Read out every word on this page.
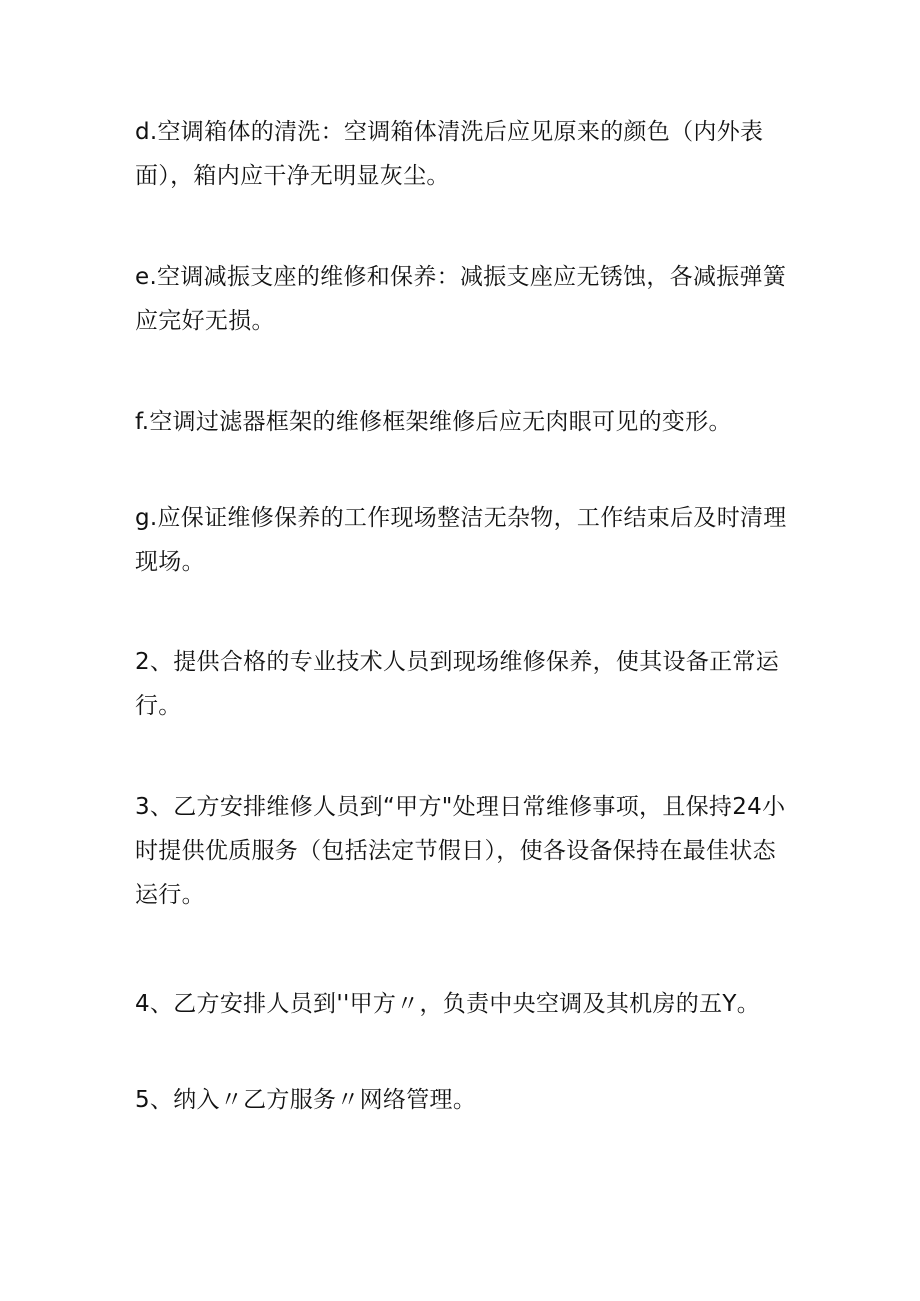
d.空调箱体的清洗：空调箱体清洗后应见原来的颜色（内外表面），箱内应干净无明显灰尘。

e.空调减振支座的维修和保养：减振支座应无锈蚀，各减振弹簧应完好无损。

f.空调过滤器框架的维修框架维修后应无肉眼可见的变形。

g.应保证维修保养的工作现场整洁无杂物，工作结束后及时清理现场。

2、提供合格的专业技术人员到现场维修保养，使其设备正常运行。

3、乙方安排维修人员到“甲方"处理日常维修事项，且保持24小时提供优质服务（包括法定节假日），使各设备保持在最佳状态运行。

4、乙方安排人员到''甲方〃，负责中央空调及其机房的五Y。

5、纳入〃乙方服务〃网络管理。
